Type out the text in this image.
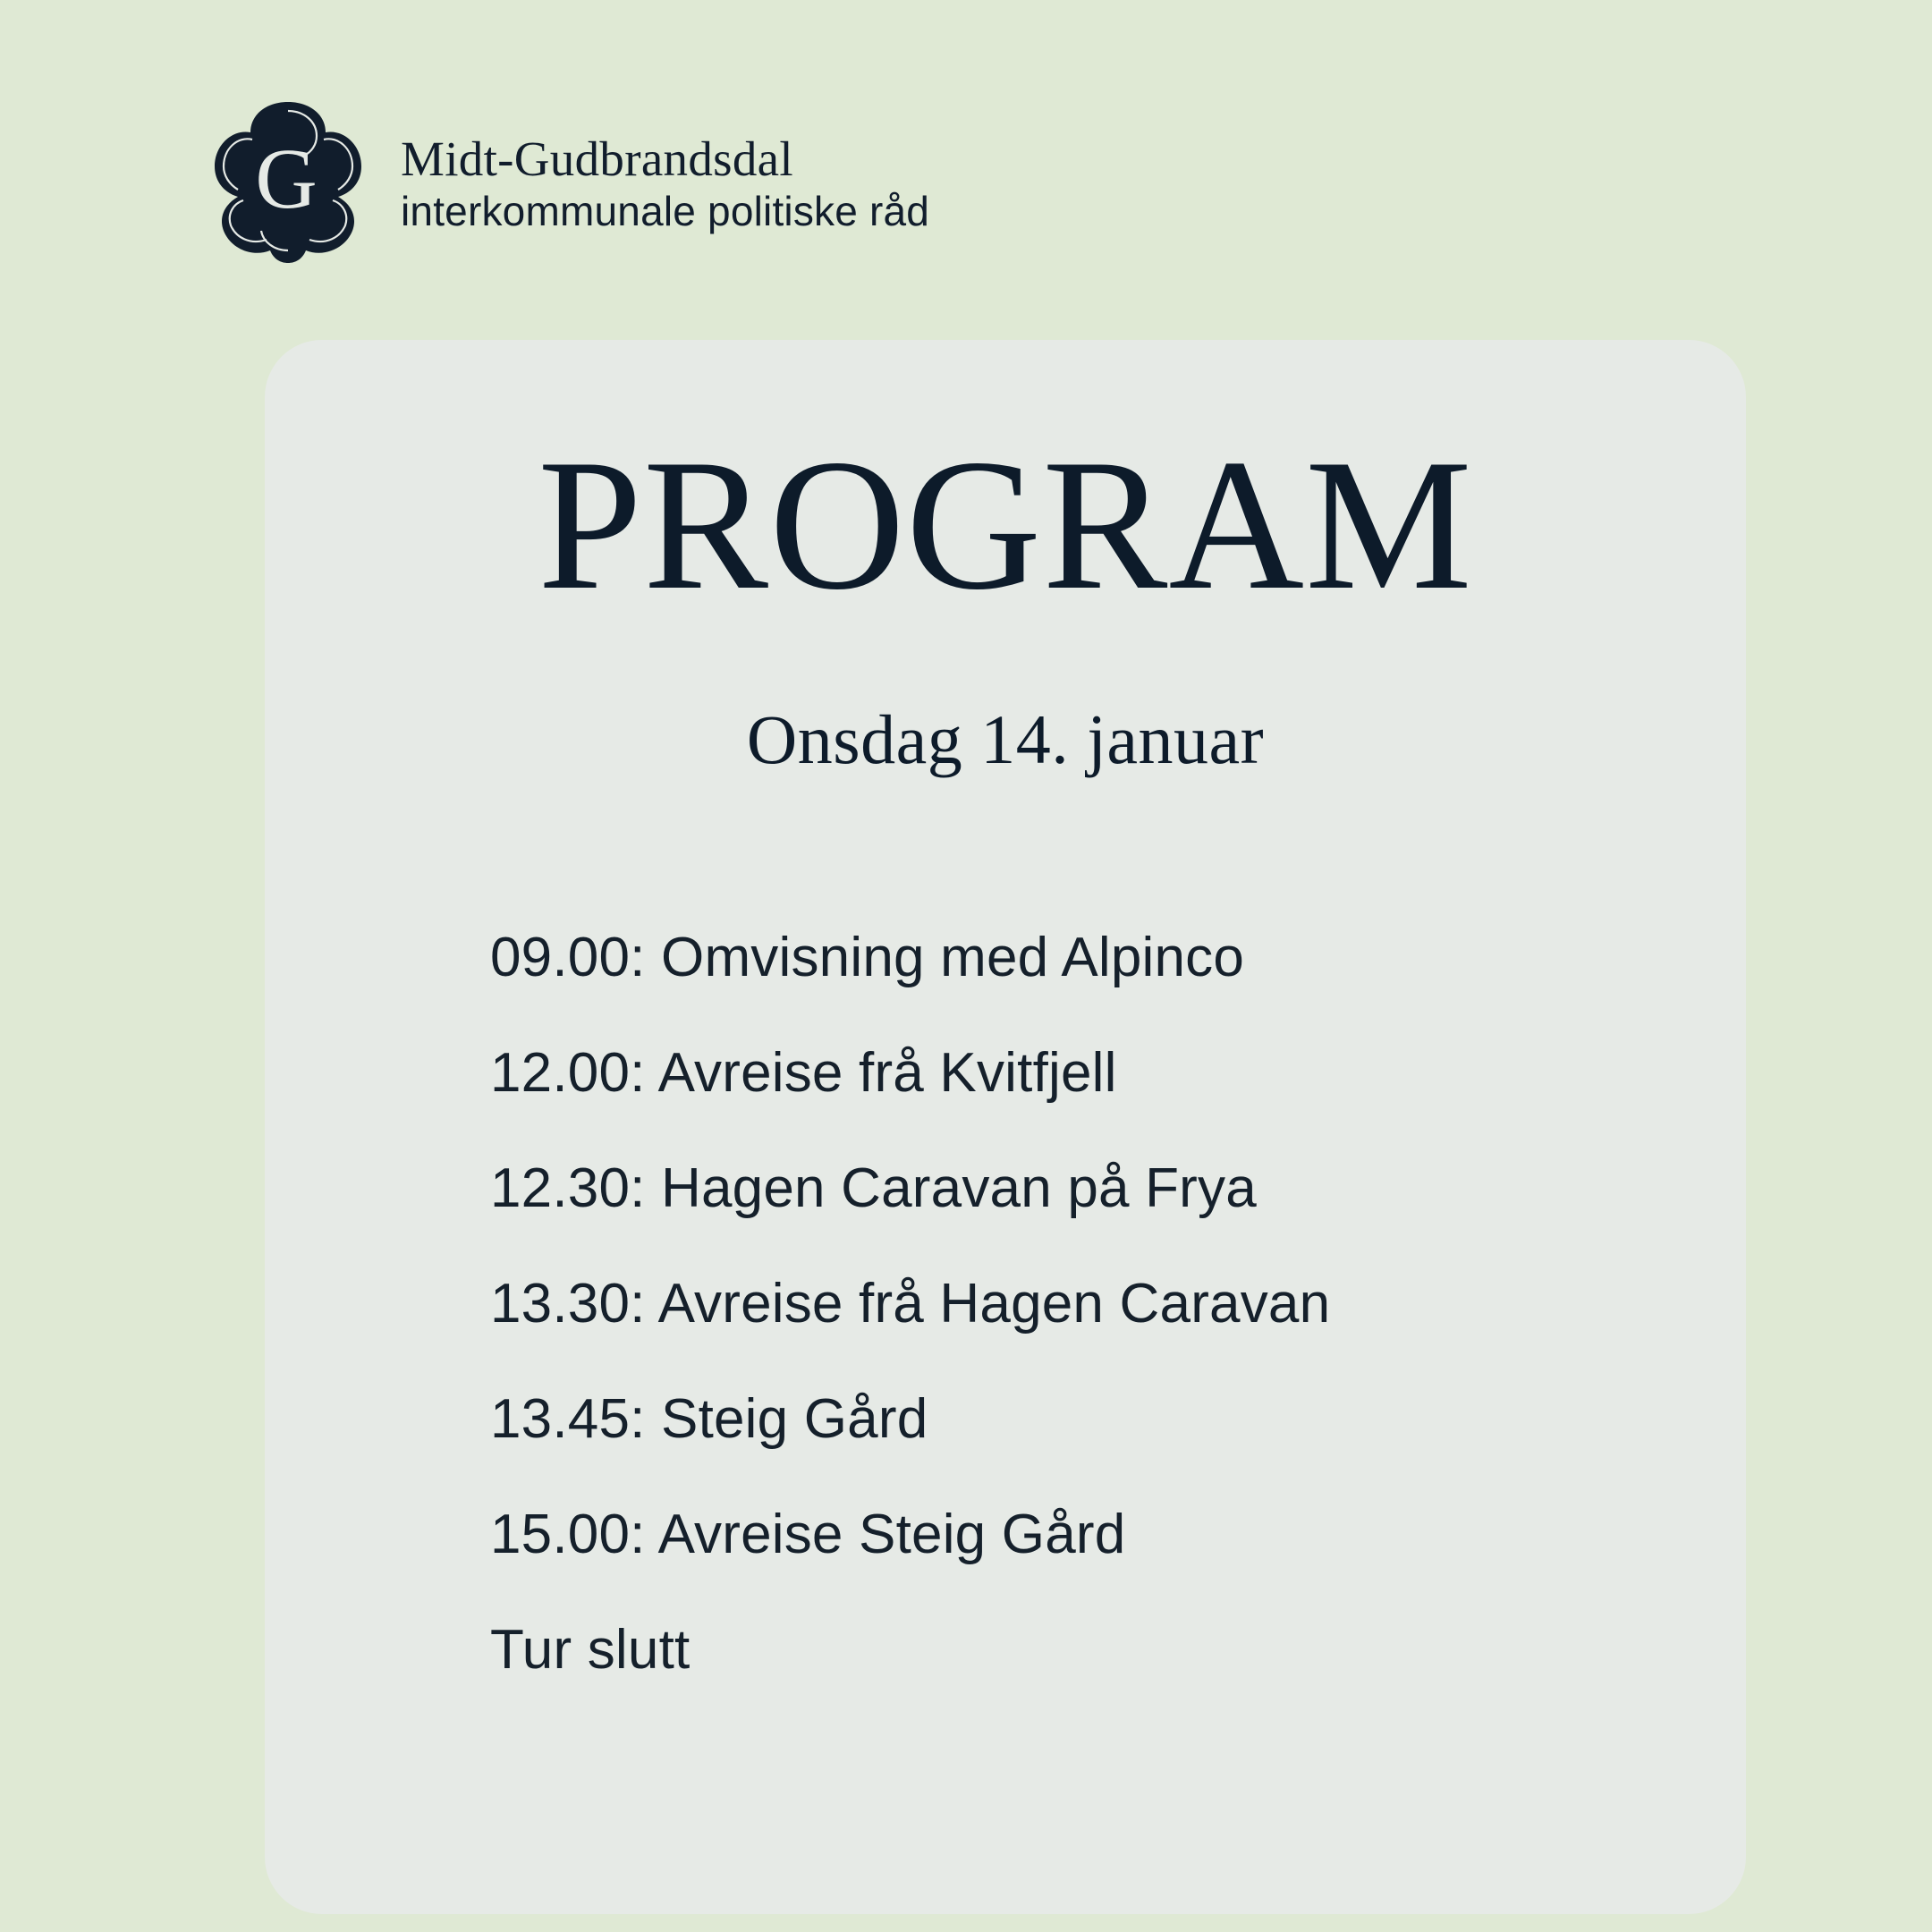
G Midt-Gudbrandsdal
interkommunale politiske råd
PROGRAM
Onsdag 14. januar
09.00: Omvisning med Alpinco
12.00: Avreise frå Kvitfjell
12.30: Hagen Caravan på Frya
13.30: Avreise frå Hagen Caravan
13.45: Steig Gård
15.00: Avreise Steig Gård
Tur slutt
